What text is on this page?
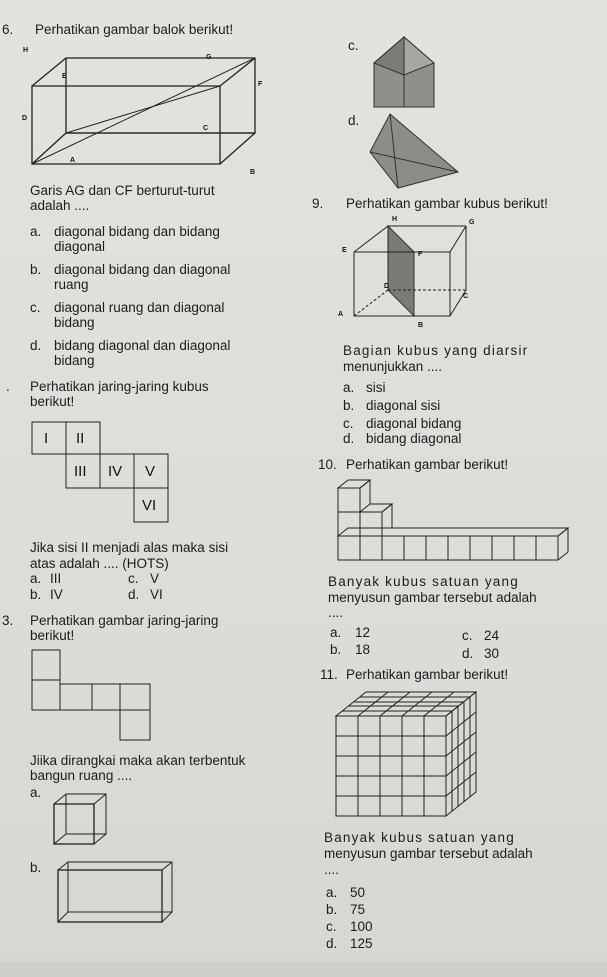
6. Perhatikan gambar balok berikut!
H
G
E
F
D
C
A
B
Garis AG dan CF berturut-turut
adalah ....
a. diagonal bidang dan bidang
diagonal
b. diagonal bidang dan diagonal
ruang
c. diagonal ruang dan diagonal
bidang
d. bidang diagonal dan diagonal
bidang
. Perhatikan jaring-jaring kubus
berikut!
I II
III IV V
VI
Jika sisi II menjadi alas maka sisi
atas adalah .... (HOTS)
a. III	c. V
b. IV	d. VI
3. Perhatikan gambar jaring-jaring
berikut!
Jiika dirangkai maka akan terbentuk
bangun ruang ....
a.
b.
c.
d.
9. Perhatikan gambar kubus berikut!
H	G
E
F
D
C
A
B
Bagian kubus yang diarsir
menunjukkan ....
a. sisi
b. diagonal sisi
c. diagonal bidang
d. bidang diagonal
10. Perhatikan gambar berikut!
Banyak kubus satuan yang
menyusun gambar tersebut adalah
....
a. 12	c. 24
b. 18	d. 30
11. Perhatikan gambar berikut!
Banyak kubus satuan yang
menyusun gambar tersebut adalah
....
a. 50
b. 75
c. 100
d. 125
